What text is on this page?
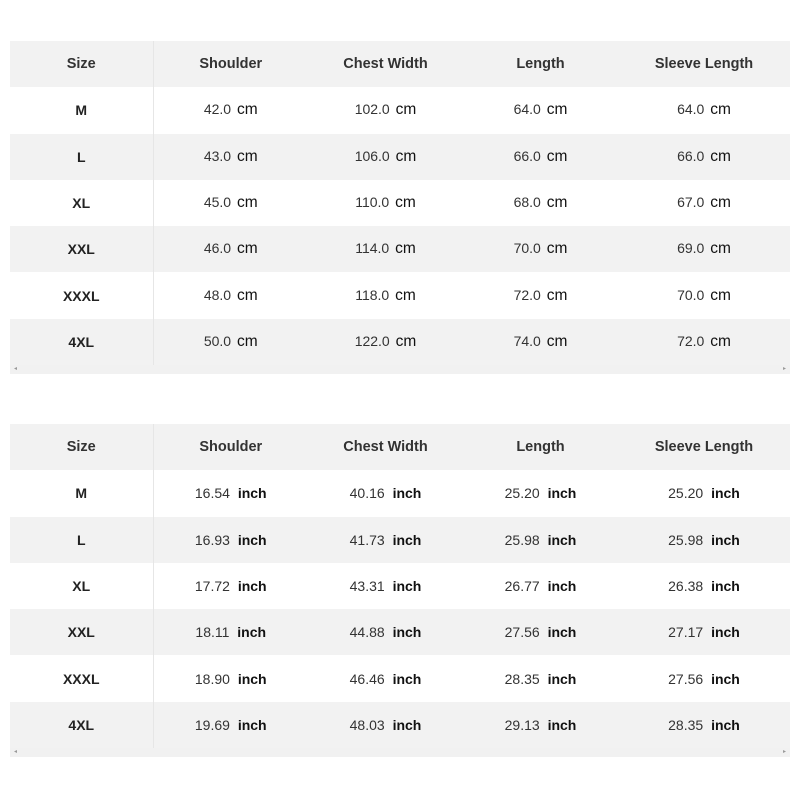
Size	Shoulder	Chest Width	Length	Sleeve Length
M	42.0 cm	102.0 cm	64.0 cm	64.0 cm
L	43.0 cm	106.0 cm	66.0 cm	66.0 cm
XL	45.0 cm	110.0 cm	68.0 cm	67.0 cm
XXL	46.0 cm	114.0 cm	70.0 cm	69.0 cm
XXXL	48.0 cm	118.0 cm	72.0 cm	70.0 cm
4XL	50.0 cm	122.0 cm	74.0 cm	72.0 cm
◂	▸
Size	Shoulder	Chest Width	Length	Sleeve Length
M	16.54 inch	40.16 inch	25.20 inch	25.20 inch
L	16.93 inch	41.73 inch	25.98 inch	25.98 inch
XL	17.72 inch	43.31 inch	26.77 inch	26.38 inch
XXL	18.11 inch	44.88 inch	27.56 inch	27.17 inch
XXXL	18.90 inch	46.46 inch	28.35 inch	27.56 inch
4XL	19.69 inch	48.03 inch	29.13 inch	28.35 inch
◂	▸
